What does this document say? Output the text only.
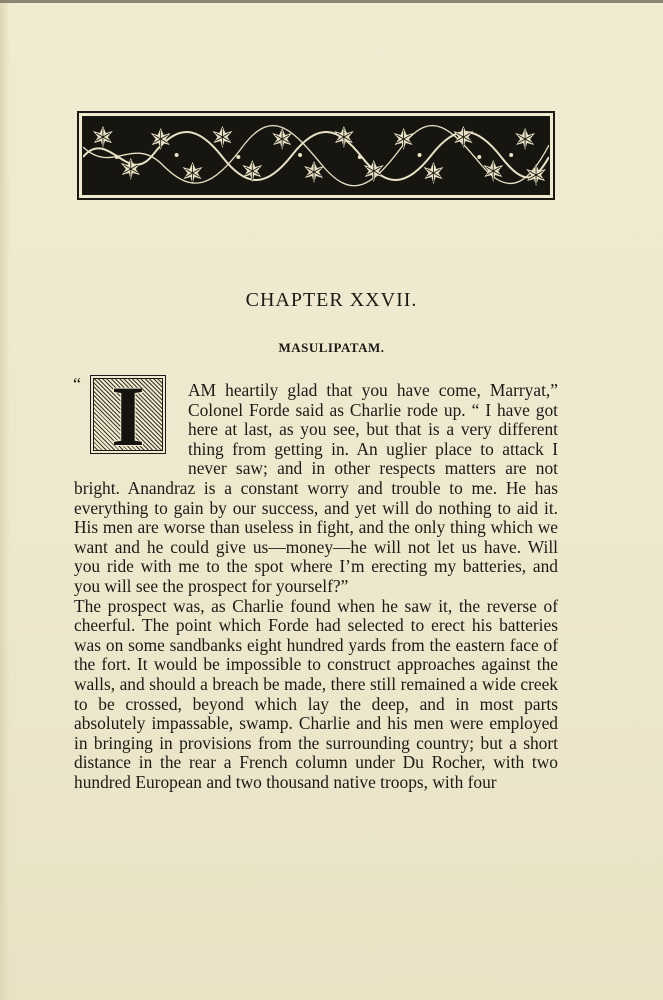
CHAPTER XXVII.
MASULIPATAM.
“ I	AM heartily glad that you have come, Marryat,” Colonel Forde said as Charlie rode up. “ I have got here at last, as you see, but that is a very different thing from getting in. An uglier place to attack I never saw; and in other respects matters are not bright. Anandraz is a constant worry and trouble to me. He has everything to gain by our success, and yet will do nothing to aid it. His men are worse than useless in fight, and the only thing which we want and he could give us—money—he will not let us have. Will you ride with me to the spot where I’m erecting my batteries, and you will see the prospect for yourself?”

The prospect was, as Charlie found when he saw it, the reverse of cheerful. The point which Forde had selected to erect his batteries was on some sandbanks eight hundred yards from the eastern face of the fort. It would be impossible to construct approaches against the walls, and should a breach be made, there still remained a wide creek to be crossed, beyond which lay the deep, and in most parts absolutely impassable, swamp. Charlie and his men were employed in bringing in provisions from the surrounding country; but a short distance in the rear a French column under Du Rocher, with two hundred European and two thousand native troops, with four
